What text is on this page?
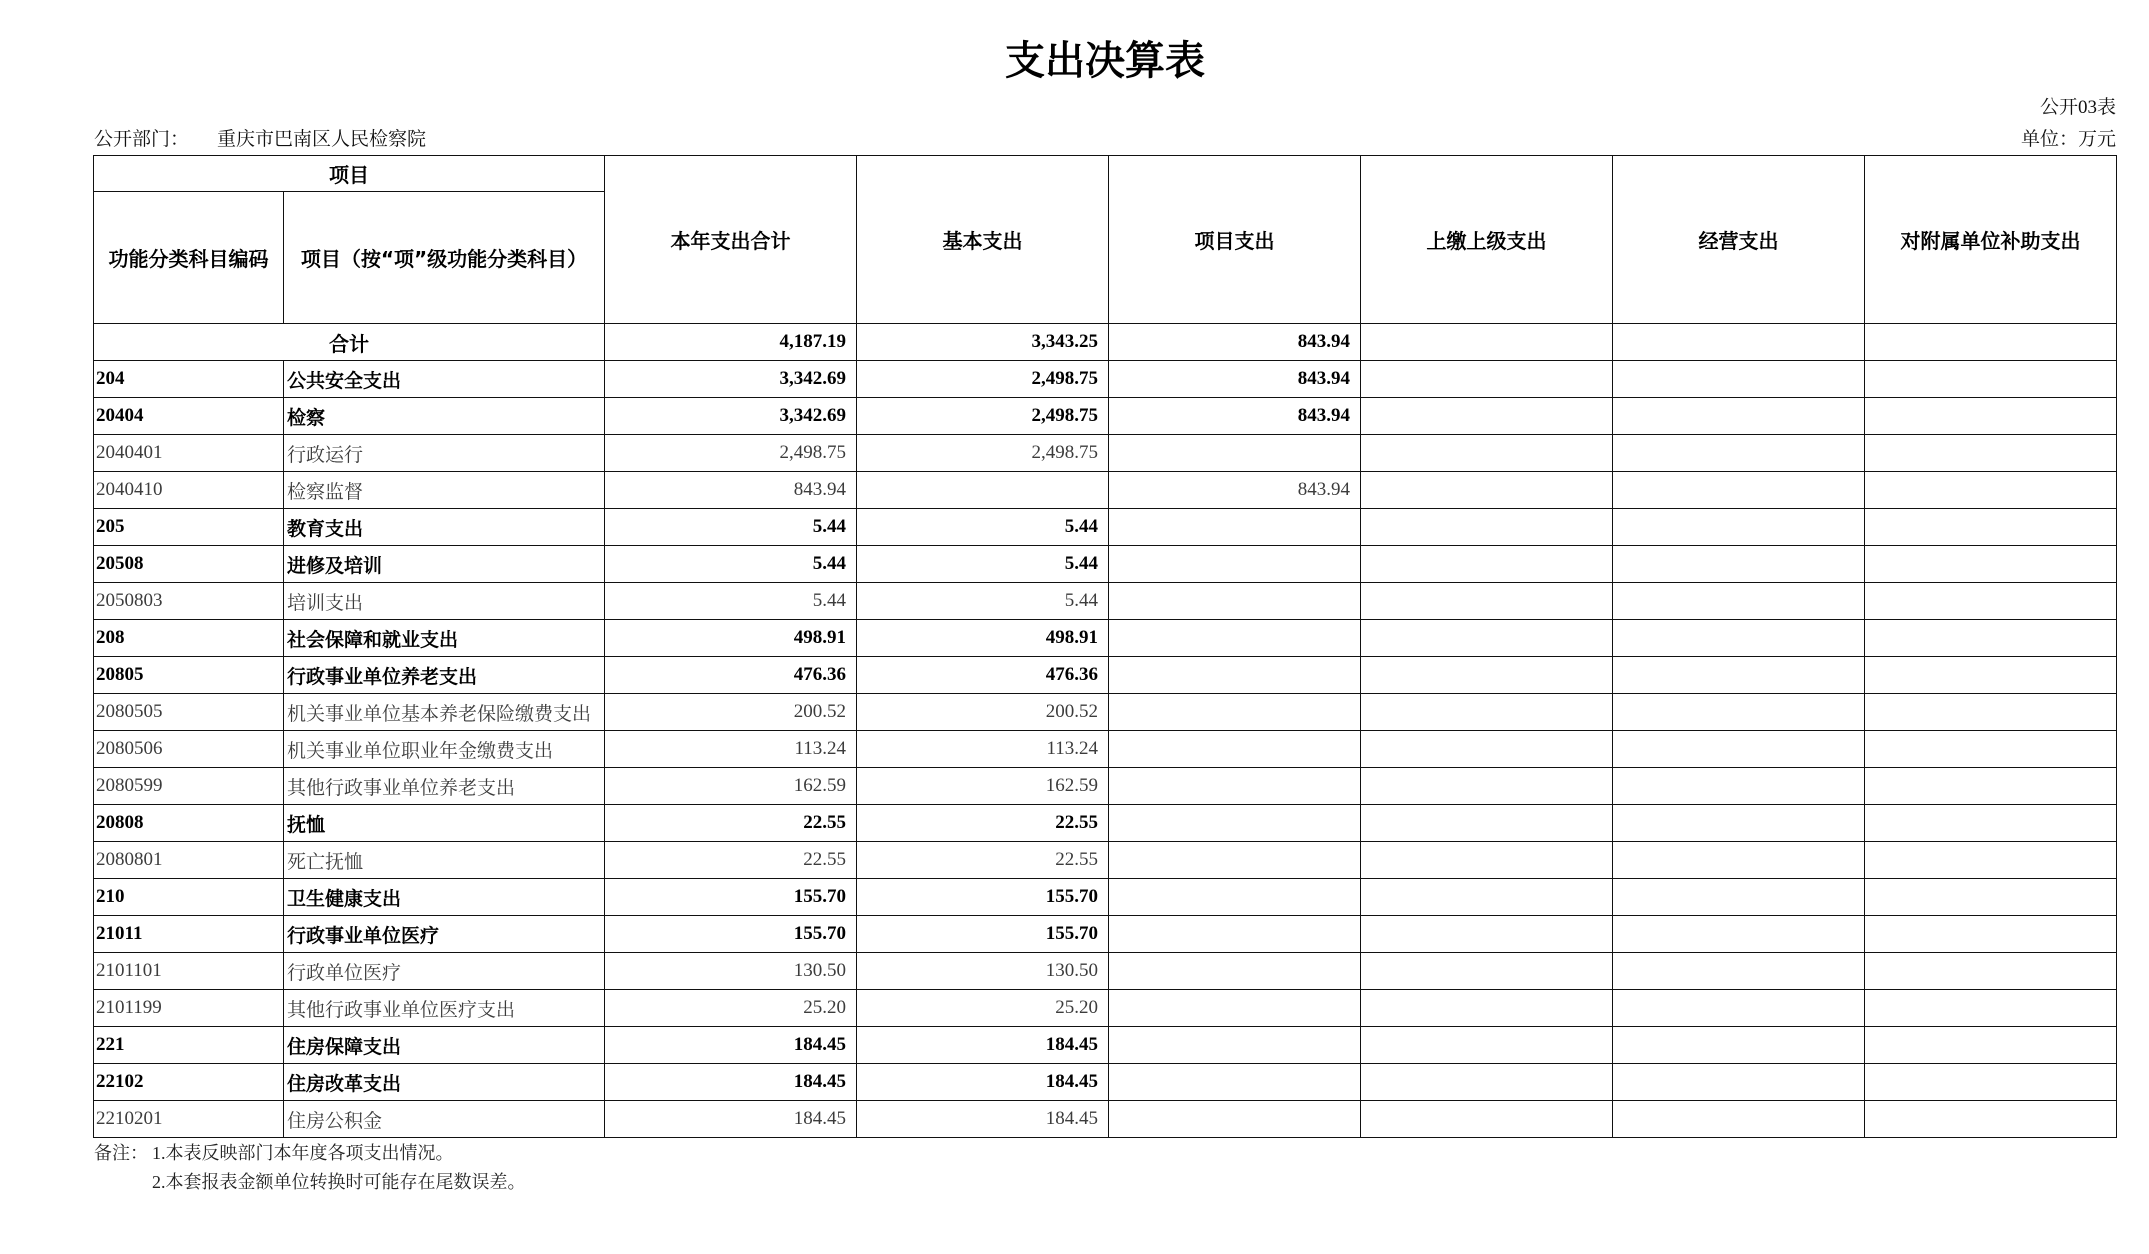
支出决算表
公开03表
公开部门： 重庆市巴南区人民检察院	单位：万元
项目		本年支出合计	基本支出	项目支出	上缴上级支出	经营支出	对附属单位补助支出
功能分类科目编码	项目（按“项”级功能分类科目）						
合计		4,187.19	3,343.25	843.94			
204	公共安全支出	3,342.69	2,498.75	843.94			
20404	检察	3,342.69	2,498.75	843.94			
2040401	行政运行	2,498.75	2,498.75				
2040410	检察监督	843.94		843.94			
205	教育支出	5.44	5.44				
20508	进修及培训	5.44	5.44				
2050803	培训支出	5.44	5.44				
208	社会保障和就业支出	498.91	498.91				
20805	行政事业单位养老支出	476.36	476.36				
2080505	机关事业单位基本养老保险缴费支出	200.52	200.52				
2080506	机关事业单位职业年金缴费支出	113.24	113.24				
2080599	其他行政事业单位养老支出	162.59	162.59				
20808	抚恤	22.55	22.55				
2080801	死亡抚恤	22.55	22.55				
210	卫生健康支出	155.70	155.70				
21011	行政事业单位医疗	155.70	155.70				
2101101	行政单位医疗	130.50	130.50				
2101199	其他行政事业单位医疗支出	25.20	25.20				
221	住房保障支出	184.45	184.45				
22102	住房改革支出	184.45	184.45				
2210201	住房公积金	184.45	184.45				
备注： 1.本表反映部门本年度各项支出情况。
2.本套报表金额单位转换时可能存在尾数误差。
